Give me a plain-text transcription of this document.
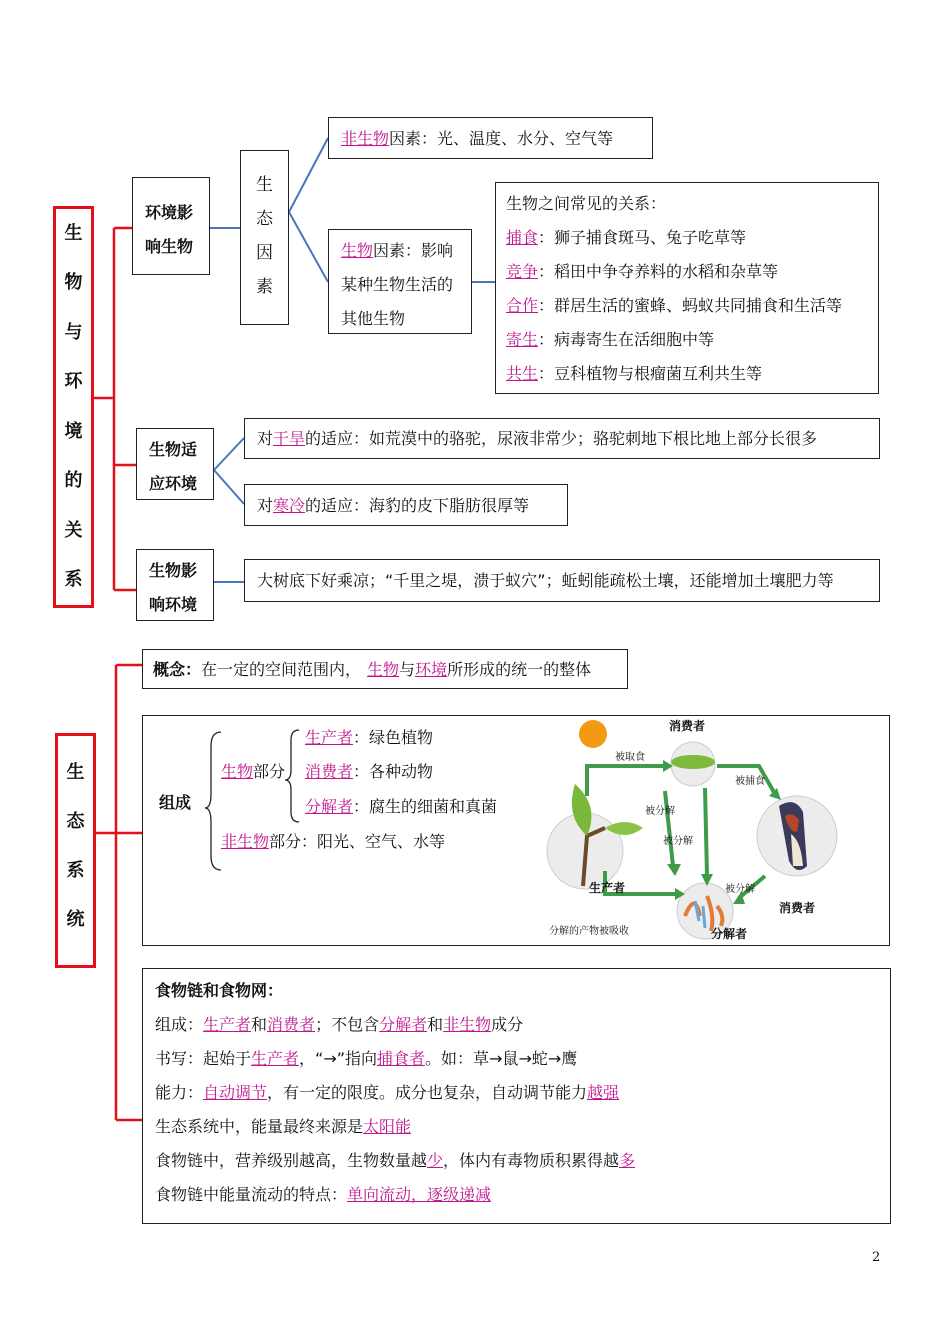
生
物
与
环
境
的
关
系
环境影
响生物
生
态
因
素
非生物因素：光、温度、水分、空气等
生物因素：影响
某种生物生活的
其他生物
生物之间常见的关系：
捕食：狮子捕食斑马、兔子吃草等
竞争：稻田中争夺养料的水稻和杂草等
合作：群居生活的蜜蜂、蚂蚁共同捕食和生活等
寄生：病毒寄生在活细胞中等
共生：豆科植物与根瘤菌互利共生等
生物适
应环境
对干旱的适应：如荒漠中的骆驼，尿液非常少；骆驼刺地下根比地上部分长很多
对寒冷的适应：海豹的皮下脂肪很厚等
生物影
响环境
大树底下好乘凉；“千里之堤，溃于蚁穴”；蚯蚓能疏松土壤，还能增加土壤肥力等
生
态
系
统
概念：在一定的空间范围内， 生物与环境所形成的统一的整体
组成
生物部分
生产者：绿色植物
消费者：各种动物
分解者：腐生的细菌和真菌
非生物部分：阳光、空气、水等
消费者
被取食
被捕食
被分解
被分解
被分解
生产者
消费者
分解者
分解的产物被吸收
食物链和食物网：
组成：生产者和消费者；不包含分解者和非生物成分
书写：起始于生产者，“→”指向捕食者。如：草→鼠→蛇→鹰
能力：自动调节，有一定的限度。成分也复杂，自动调节能力越强
生态系统中，能量最终来源是太阳能
食物链中，营养级别越高，生物数量越少，体内有毒物质积累得越多
食物链中能量流动的特点：单向流动，逐级递减
2
